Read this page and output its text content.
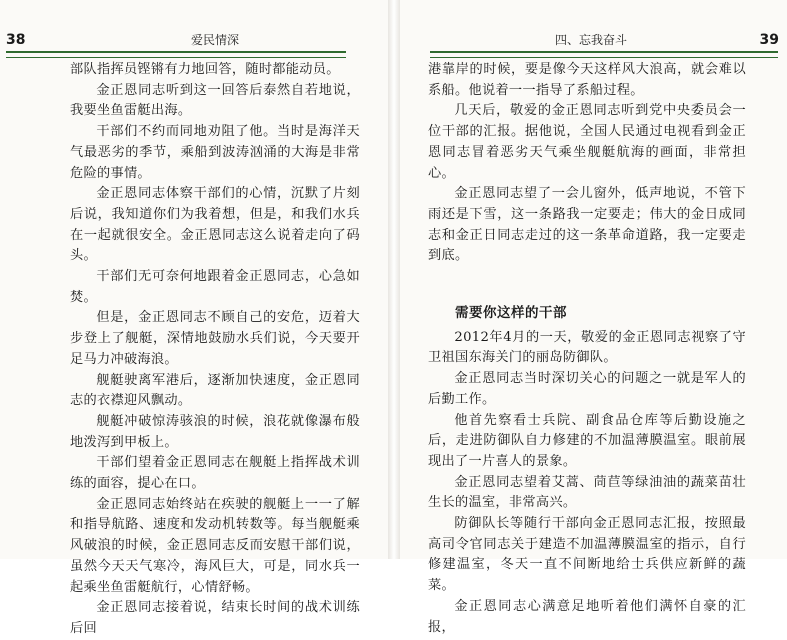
38	爱民情深

部队指挥员铿锵有力地回答，随时都能动员。

金正恩同志听到这一回答后泰然自若地说，我要坐鱼雷艇出海。

干部们不约而同地劝阻了他。当时是海洋天气最恶劣的季节，乘船到波涛汹涌的大海是非常危险的事情。

金正恩同志体察干部们的心情，沉默了片刻后说，我知道你们为我着想，但是，和我们水兵在一起就很安全。金正恩同志这么说着走向了码头。

干部们无可奈何地跟着金正恩同志，心急如焚。

但是，金正恩同志不顾自己的安危，迈着大步登上了舰艇，深情地鼓励水兵们说，今天要开足马力冲破海浪。

舰艇驶离军港后，逐渐加快速度，金正恩同志的衣襟迎风飘动。

舰艇冲破惊涛骇浪的时候，浪花就像瀑布般地泼泻到甲板上。

干部们望着金正恩同志在舰艇上指挥战术训练的面容，提心在口。

金正恩同志始终站在疾驶的舰艇上一一了解和指导航路、速度和发动机转数等。每当舰艇乘风破浪的时候，金正恩同志反而安慰干部们说，虽然今天天气寒冷，海风巨大，可是，同水兵一起乘坐鱼雷艇航行，心情舒畅。

金正恩同志接着说，结束长时间的战术训练后回

四、忘我奋斗	39

港靠岸的时候，要是像今天这样风大浪高，就会难以系船。他说着一一指导了系船过程。

几天后，敬爱的金正恩同志听到党中央委员会一位干部的汇报。据他说，全国人民通过电视看到金正恩同志冒着恶劣天气乘坐舰艇航海的画面，非常担心。

金正恩同志望了一会儿窗外，低声地说，不管下雨还是下雪，这一条路我一定要走；伟大的金日成同志和金正日同志走过的这一条革命道路，我一定要走到底。

需要你这样的干部

2012年4月的一天，敬爱的金正恩同志视察了守卫祖国东海关门的丽岛防御队。

金正恩同志当时深切关心的问题之一就是军人的后勤工作。

他首先察看士兵院、副食品仓库等后勤设施之后，走进防御队自力修建的不加温薄膜温室。眼前展现出了一片喜人的景象。

金正恩同志望着艾蒿、茼苣等绿油油的蔬菜苗壮生长的温室，非常高兴。

防御队长等随行干部向金正恩同志汇报，按照最高司令官同志关于建造不加温薄膜温室的指示，自行修建温室，冬天一直不间断地给士兵供应新鲜的蔬菜。

金正恩同志心满意足地听着他们满怀自豪的汇报，
